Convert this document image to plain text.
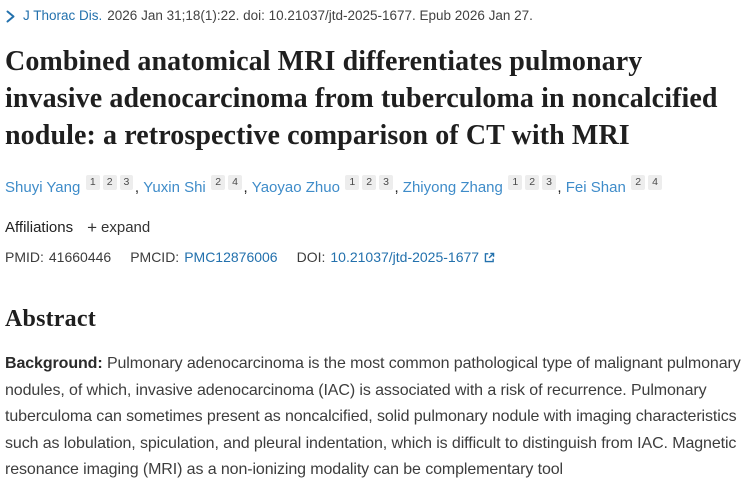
J Thorac Dis. 2026 Jan 31;18(1):22. doi: 10.21037/jtd-2025-1677. Epub 2026 Jan 27.
Combined anatomical MRI differentiates pulmonary invasive adenocarcinoma from tuberculoma in noncalcified nodule: a retrospective comparison of CT with MRI
Shuyi Yang 1 2 3 , Yuxin Shi 2 4 , Yaoyao Zhuo 1 2 3 , Zhiyong Zhang 1 2 3 , Fei Shan 2 4
Affiliations + expand
PMID: 41660446 PMCID: PMC12876006 DOI: 10.21037/jtd-2025-1677
Abstract

Background: Pulmonary adenocarcinoma is the most common pathological type of malignant pulmonary nodules, of which, invasive adenocarcinoma (IAC) is associated with a risk of recurrence. Pulmonary tuberculoma can sometimes present as noncalcified, solid pulmonary nodule with imaging characteristics such as lobulation, spiculation, and pleural indentation, which is difficult to distinguish from IAC. Magnetic resonance imaging (MRI) as a non-ionizing modality can be complementary tool
